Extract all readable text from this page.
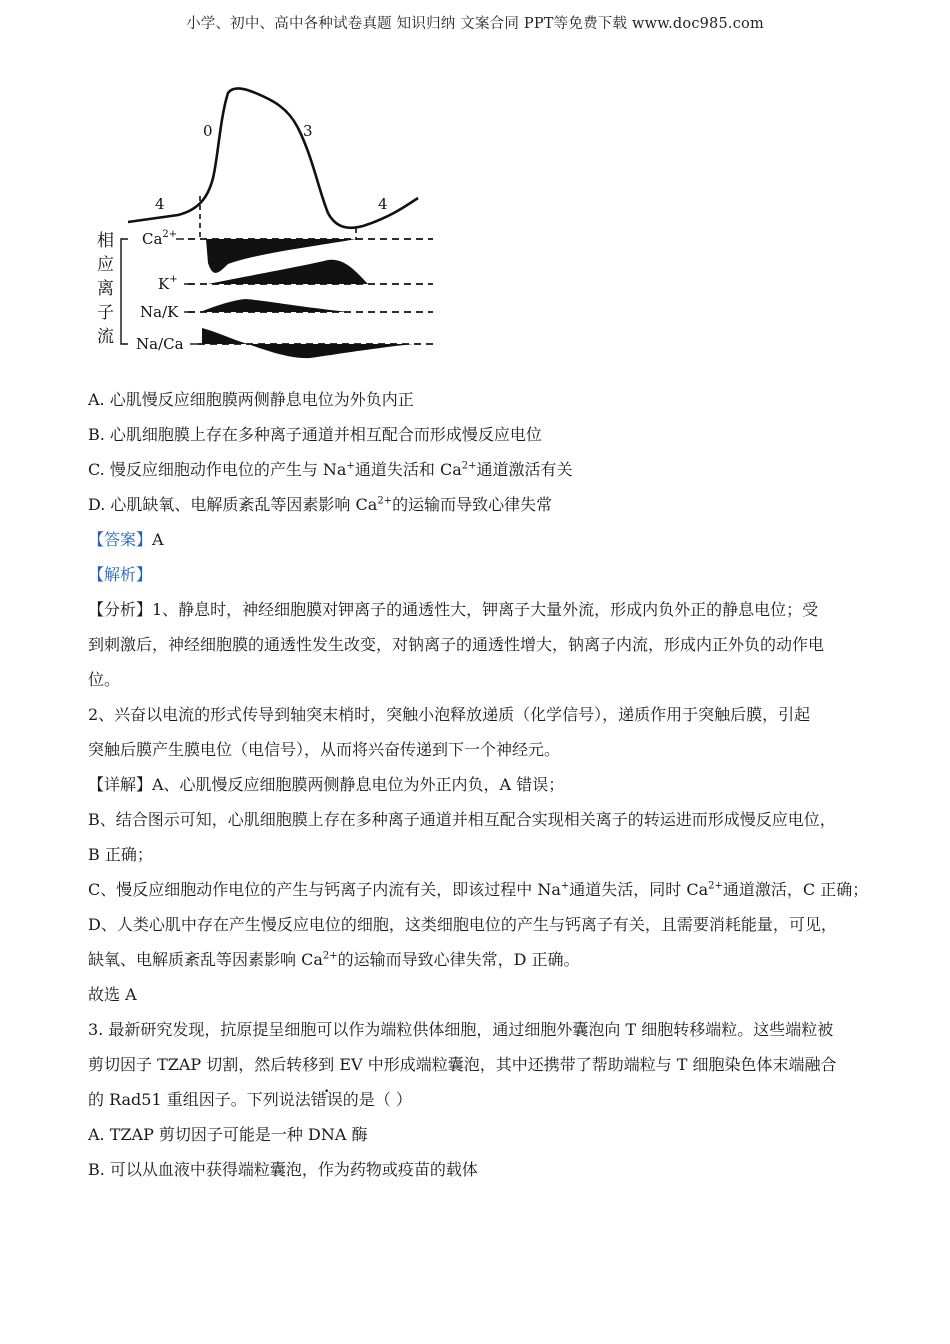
小学、初中、高中各种试卷真题 知识归纳 文案合同 PPT等免费下载 www.doc985.com
0	3
4	4
相
应
离
子
流
$Ca^{2+}$
K+
Na/K
Na/Ca
A. 心肌慢反应细胞膜两侧静息电位为外负内正
B. 心肌细胞膜上存在多种离子通道并相互配合而形成慢反应电位
C. 慢反应细胞动作电位的产生与 Na+通道失活和 $Ca^{2+}$通道激活有关
D. 心肌缺氧、电解质紊乱等因素影响 $Ca^{2+}$的运输而导致心律失常
【答案】A
【解析】
【分析】1、静息时，神经细胞膜对钾离子的通透性大，钾离子大量外流，形成内负外正的静息电位；受
到刺激后，神经细胞膜的通透性发生改变，对钠离子的通透性增大，钠离子内流，形成内正外负的动作电
位。
2、兴奋以电流的形式传导到轴突末梢时，突触小泡释放递质（化学信号），递质作用于突触后膜，引起
突触后膜产生膜电位（电信号），从而将兴奋传递到下一个神经元。
【详解】A、心肌慢反应细胞膜两侧静息电位为外正内负，A 错误；
B、结合图示可知，心肌细胞膜上存在多种离子通道并相互配合实现相关离子的转运进而形成慢反应电位，
B 正确；
C、慢反应细胞动作电位的产生与钙离子内流有关，即该过程中 Na+通道失活，同时 $Ca^{2+}$通道激活，C 正确；
D、人类心肌中存在产生慢反应电位的细胞，这类细胞电位的产生与钙离子有关，且需要消耗能量，可见，
缺氧、电解质紊乱等因素影响 $Ca^{2+}$的运输而导致心律失常，D 正确。
故选 A
3. 最新研究发现，抗原提呈细胞可以作为端粒供体细胞，通过细胞外囊泡向 T 细胞转移端粒。这些端粒被
剪切因子 TZAP 切割，然后转移到 EV 中形成端粒囊泡，其中还携带了帮助端粒与 T 细胞染色体末端融合
的 Rad51 重组因子。下列说法错误的是（ ）
A. TZAP 剪切因子可能是一种 DNA 酶
B. 可以从血液中获得端粒囊泡，作为药物或疫苗的载体
